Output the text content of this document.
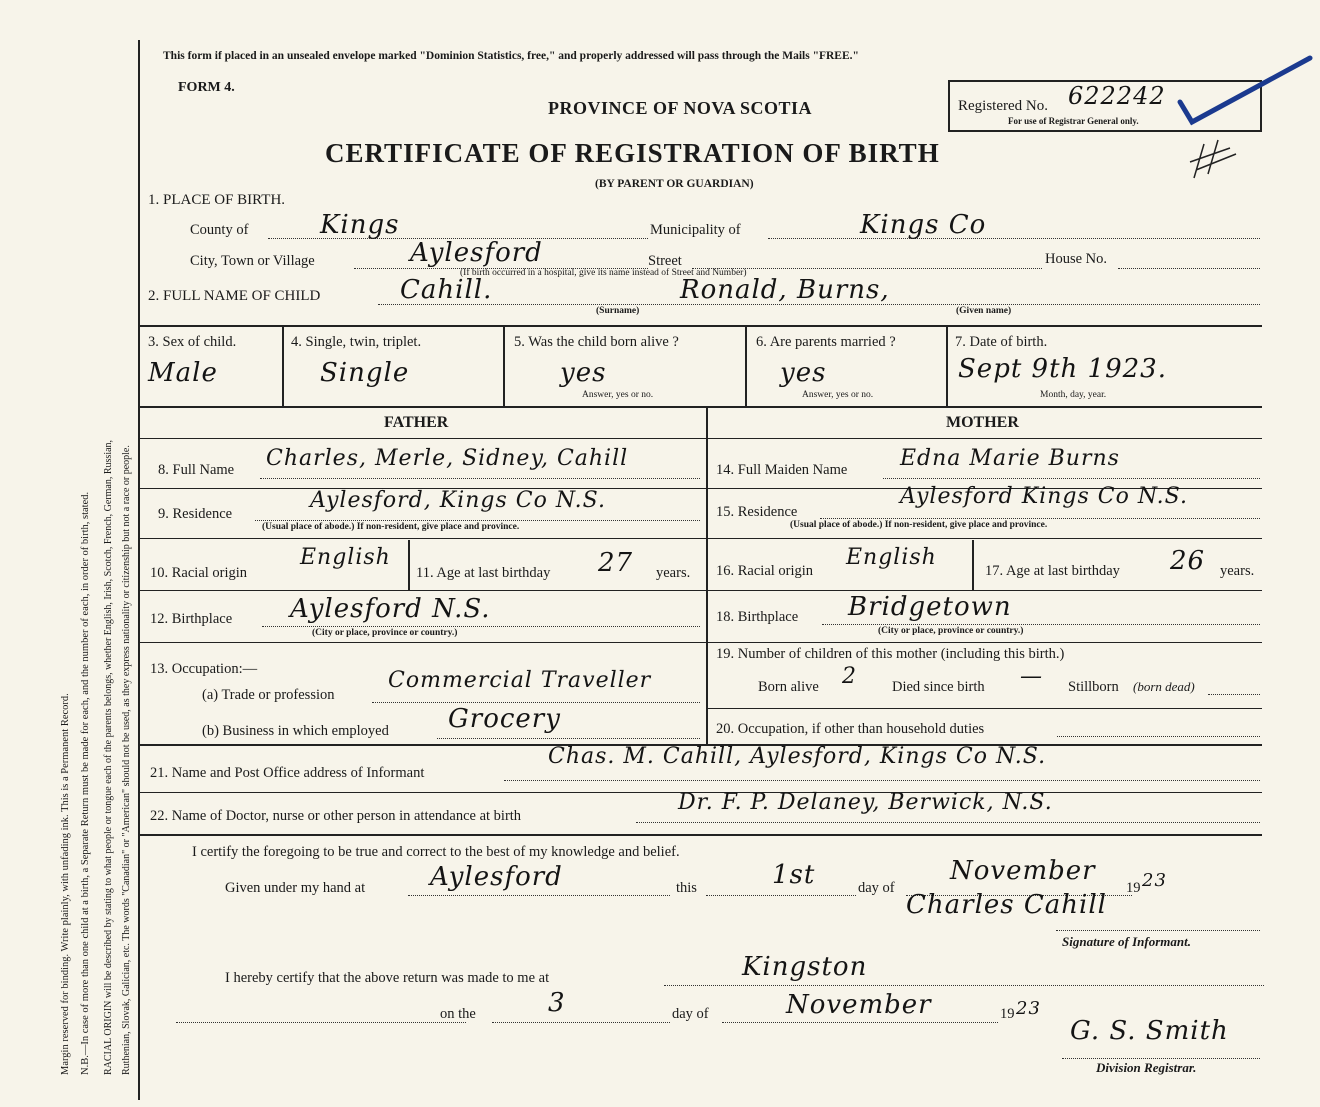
Margin reserved for binding. Write plainly, with unfading ink. This is a Permanent Record. N.B.—In case of more than one child at a birth, a Separate Return must be made for each, and the number of each, in order of birth, stated. RACIAL ORIGIN will be described by stating to what people or tongue each of the parents belongs, whether English, Irish, Scotch, French, German, Russian, Ruthenian, Slovak, Galician, etc. The words "Canadian" or "American" should not be used, as they express nationality or citizenship but not a race or people.
This form if placed in an unsealed envelope marked "Dominion Statistics, free," and properly addressed will pass through the Mails "FREE."
FORM 4.
PROVINCE OF NOVA SCOTIA
CERTIFICATE OF REGISTRATION OF BIRTH
(BY PARENT OR GUARDIAN)
Registered No. 622242
For use of Registrar General only.
1. PLACE OF BIRTH.
County of	Kings	Municipality of	Kings Co
City, Town or Village	Aylesford	Street	House No.
(If birth occurred in a hospital, give its name instead of Street and Number)
2. FULL NAME OF CHILD	Cahill.	Ronald, Burns,
(Surname)	(Given name)
3. Sex of child.
Male
4. Single, twin, triplet.
Single
5. Was the child born alive ?
yes
Answer, yes or no.
6. Are parents married ?
yes
Answer, yes or no.
7. Date of birth.
Sept 9th 1923.
Month, day, year.
FATHER	MOTHER
8. Full Name Charles, Merle, Sidney, Cahill	14. Full Maiden Name Edna Marie Burns
9. Residence
Aylesford, Kings Co N.S.
(Usual place of abode.) If non-resident, give place and province.
15. Residence
Aylesford Kings Co N.S.
(Usual place of abode.) If non-resident, give place and province.
10. Racial origin
English
11. Age at last birthday 27 years. 16. Racial origin
English
17. Age at last birthday 26 years.
12. Birthplace Aylesford N.S.
(City or place, province or country.)
18. Birthplace Bridgetown
(City or place, province or country.)
13. Occupation:—
(a) Trade or profession
Commercial Traveller
(b) Business in which employed Grocery
19. Number of children of this mother (including this birth.)
Born alive 2 Died since birth — Stillborn (born dead)
20. Occupation, if other than household duties
21. Name and Post Office address of Informant
Chas. M. Cahill, Aylesford, Kings Co N.S.
22. Name of Doctor, nurse or other person in attendance at birth
Dr. F. P. Delaney, Berwick, N.S.
I certify the foregoing to be true and correct to the best of my knowledge and belief.
Given under my hand at Aylesford	this	1st	day of
November
19 23
Charles Cahill
Signature of Informant.
I hereby certify that the above return was made to me at	Kingston
on the	3	day of	November	19 23
G. S. Smith
Division Registrar.
